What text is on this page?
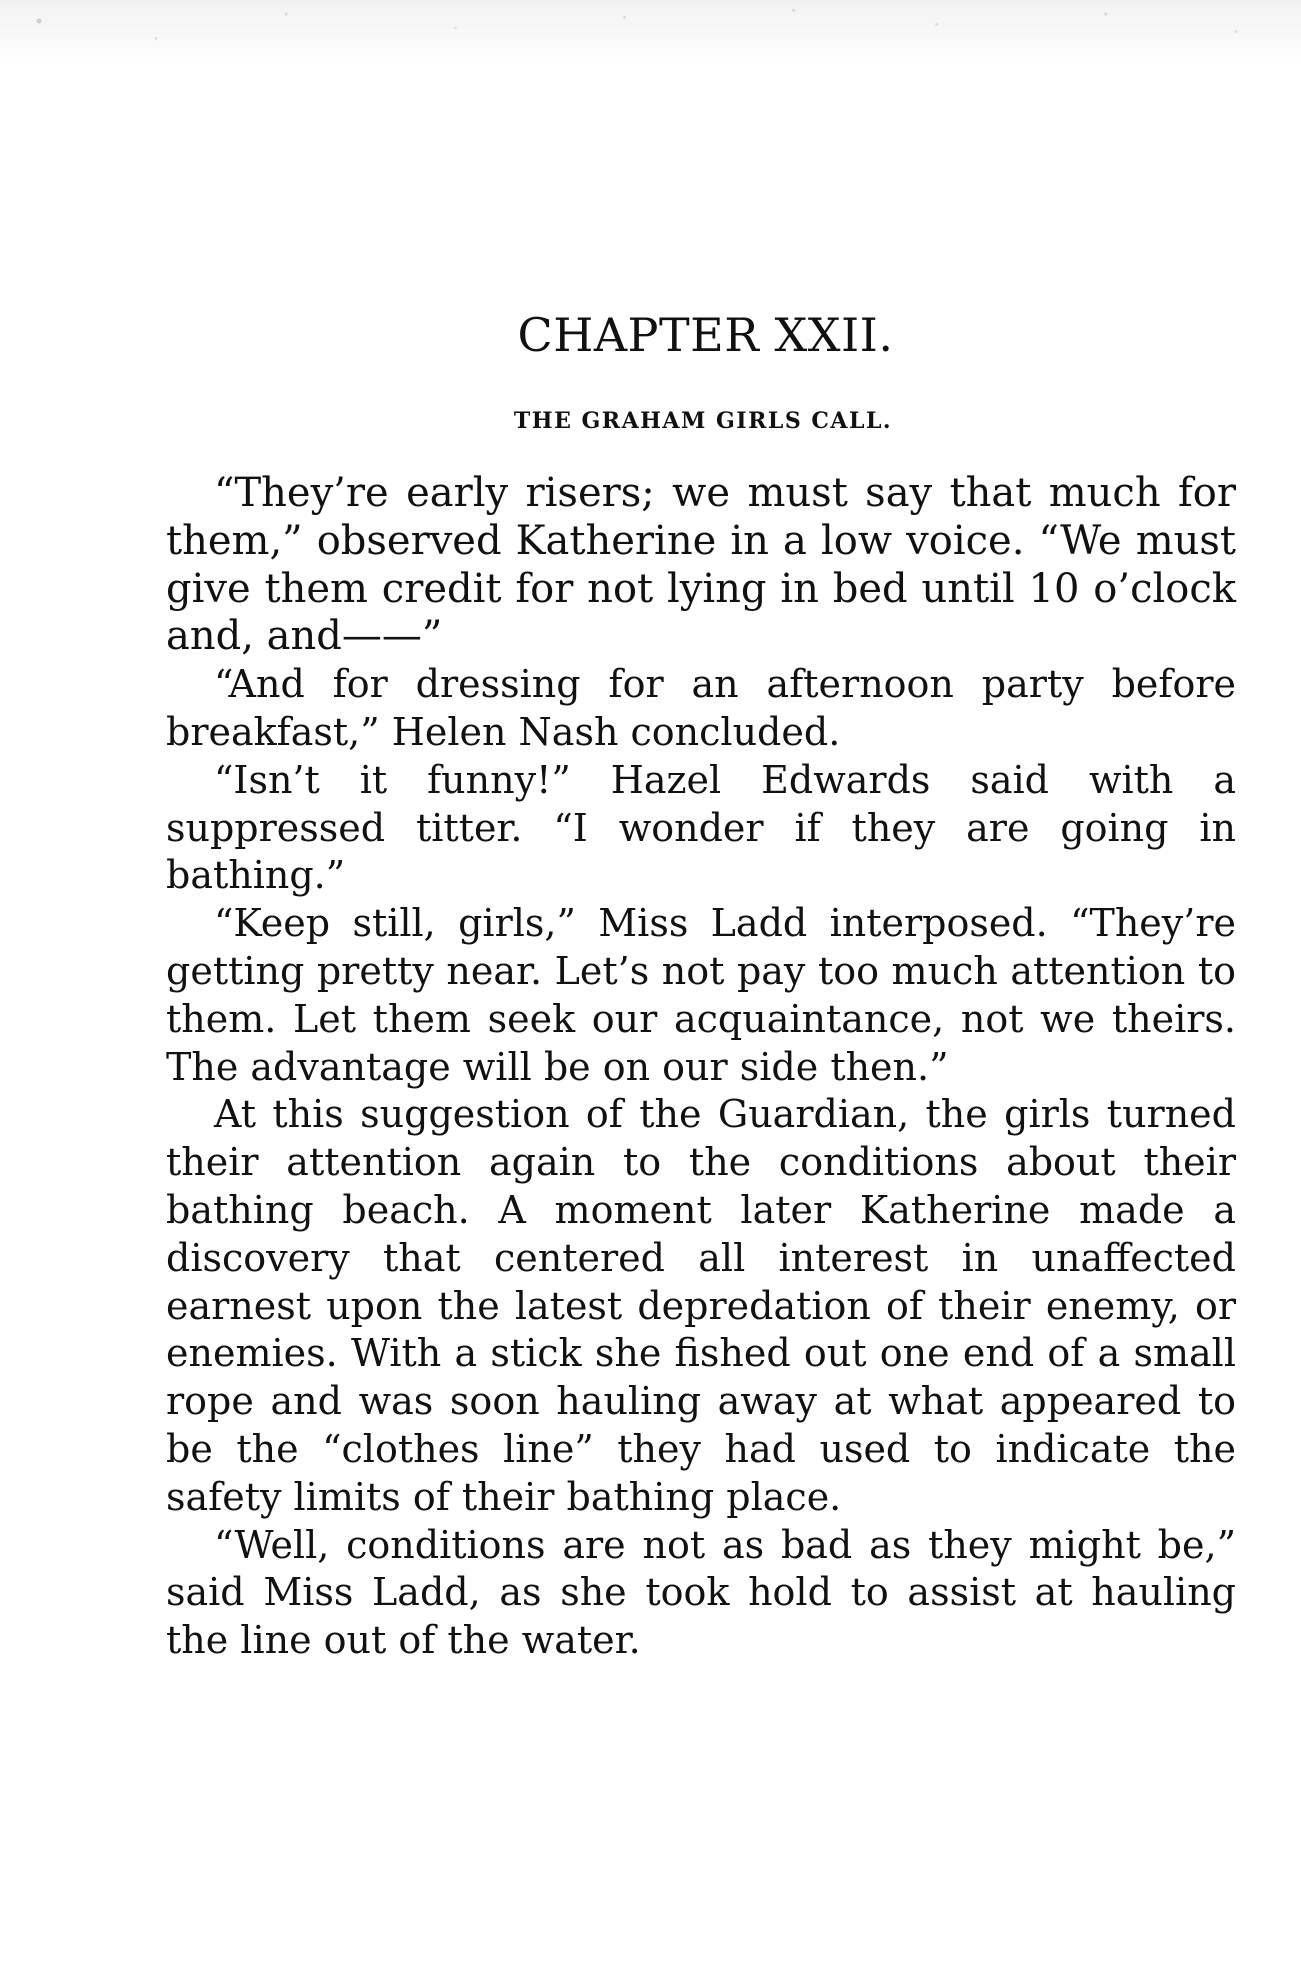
CHAPTER XXII.
THE GRAHAM GIRLS CALL.

“They’re early risers; we must say that much for them,” observed Katherine in a low voice. “We must give them credit for not lying in bed until 10 o’clock and, and——”

“And for dressing for an afternoon party before breakfast,” Helen Nash concluded.

“Isn’t it funny!” Hazel Edwards said with a suppressed titter. “I wonder if they are going in bathing.”

“Keep still, girls,” Miss Ladd interposed. “They’re getting pretty near. Let’s not pay too much attention to them. Let them seek our acquaintance, not we theirs. The advantage will be on our side then.”

At this suggestion of the Guardian, the girls turned their attention again to the conditions about their bathing beach. A moment later Katherine made a discovery that centered all interest in unaffected earnest upon the latest depredation of their enemy, or enemies. With a stick she fished out one end of a small rope and was soon hauling away at what appeared to be the “clothes line” they had used to indicate the safety limits of their bathing place.

“Well, conditions are not as bad as they might be,” said Miss Ladd, as she took hold to assist at hauling the line out of the water.
